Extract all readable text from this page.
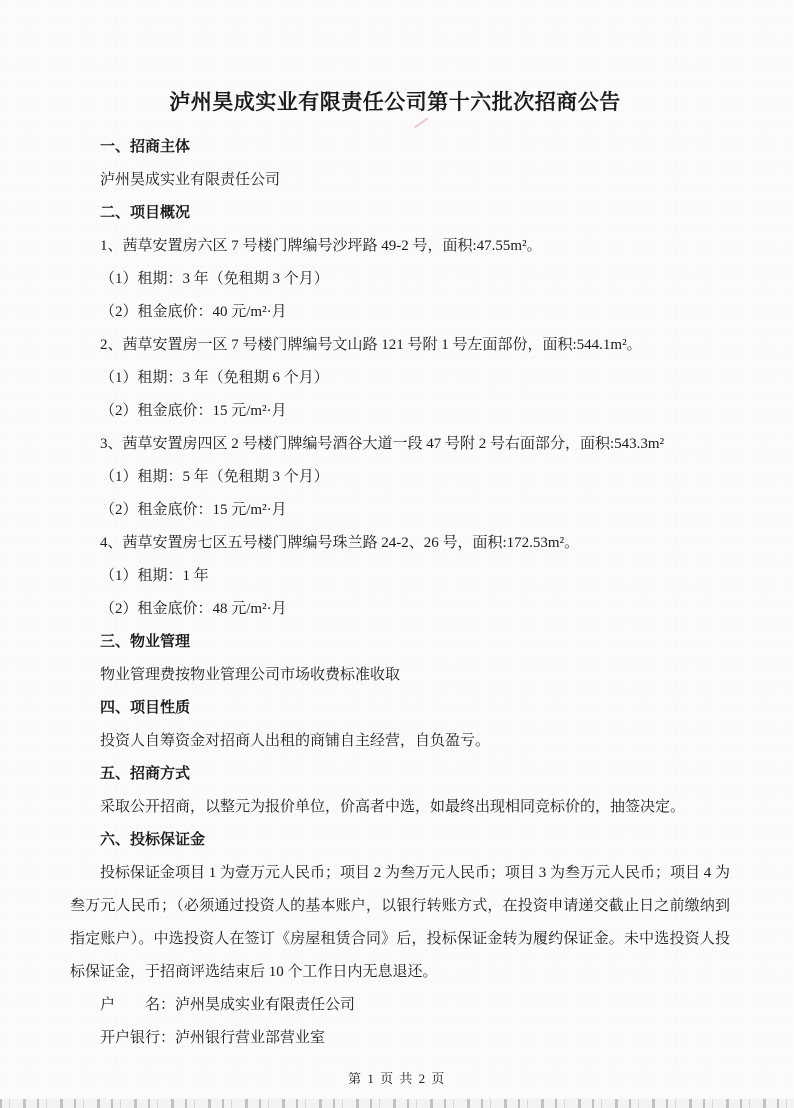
泸州昊成实业有限责任公司第十六批次招商公告

一、招商主体

泸州昊成实业有限责任公司

二、项目概况

1、茜草安置房六区 7 号楼门牌编号沙坪路 49-2 号，面积:47.55m²。

（1）租期：3 年（免租期 3 个月）

（2）租金底价：40 元/m²·月

2、茜草安置房一区 7 号楼门牌编号文山路 121 号附 1 号左面部份，面积:544.1m²。

（1）租期：3 年（免租期 6 个月）

（2）租金底价：15 元/m²·月

3、茜草安置房四区 2 号楼门牌编号酒谷大道一段 47 号附 2 号右面部分，面积:543.3m²

（1）租期：5 年（免租期 3 个月）

（2）租金底价：15 元/m²·月

4、茜草安置房七区五号楼门牌编号珠兰路 24-2、26 号，面积:172.53m²。

（1）租期：1 年

（2）租金底价：48 元/m²·月

三、物业管理

物业管理费按物业管理公司市场收费标准收取

四、项目性质

投资人自筹资金对招商人出租的商铺自主经营，自负盈亏。

五、招商方式

采取公开招商，以整元为报价单位，价高者中选，如最终出现相同竞标价的，抽签决定。

六、投标保证金

投标保证金项目 1 为壹万元人民币；项目 2 为叁万元人民币；项目 3 为叁万元人民币；项目 4 为叁万元人民币；（必须通过投资人的基本账户，以银行转账方式，在投资申请递交截止日之前缴纳到指定账户）。中选投资人在签订《房屋租赁合同》后，投标保证金转为履约保证金。未中选投资人投标保证金，于招商评选结束后 10 个工作日内无息退还。

户　　名：泸州昊成实业有限责任公司

开户银行：泸州银行营业部营业室

第 1 页 共 2 页
